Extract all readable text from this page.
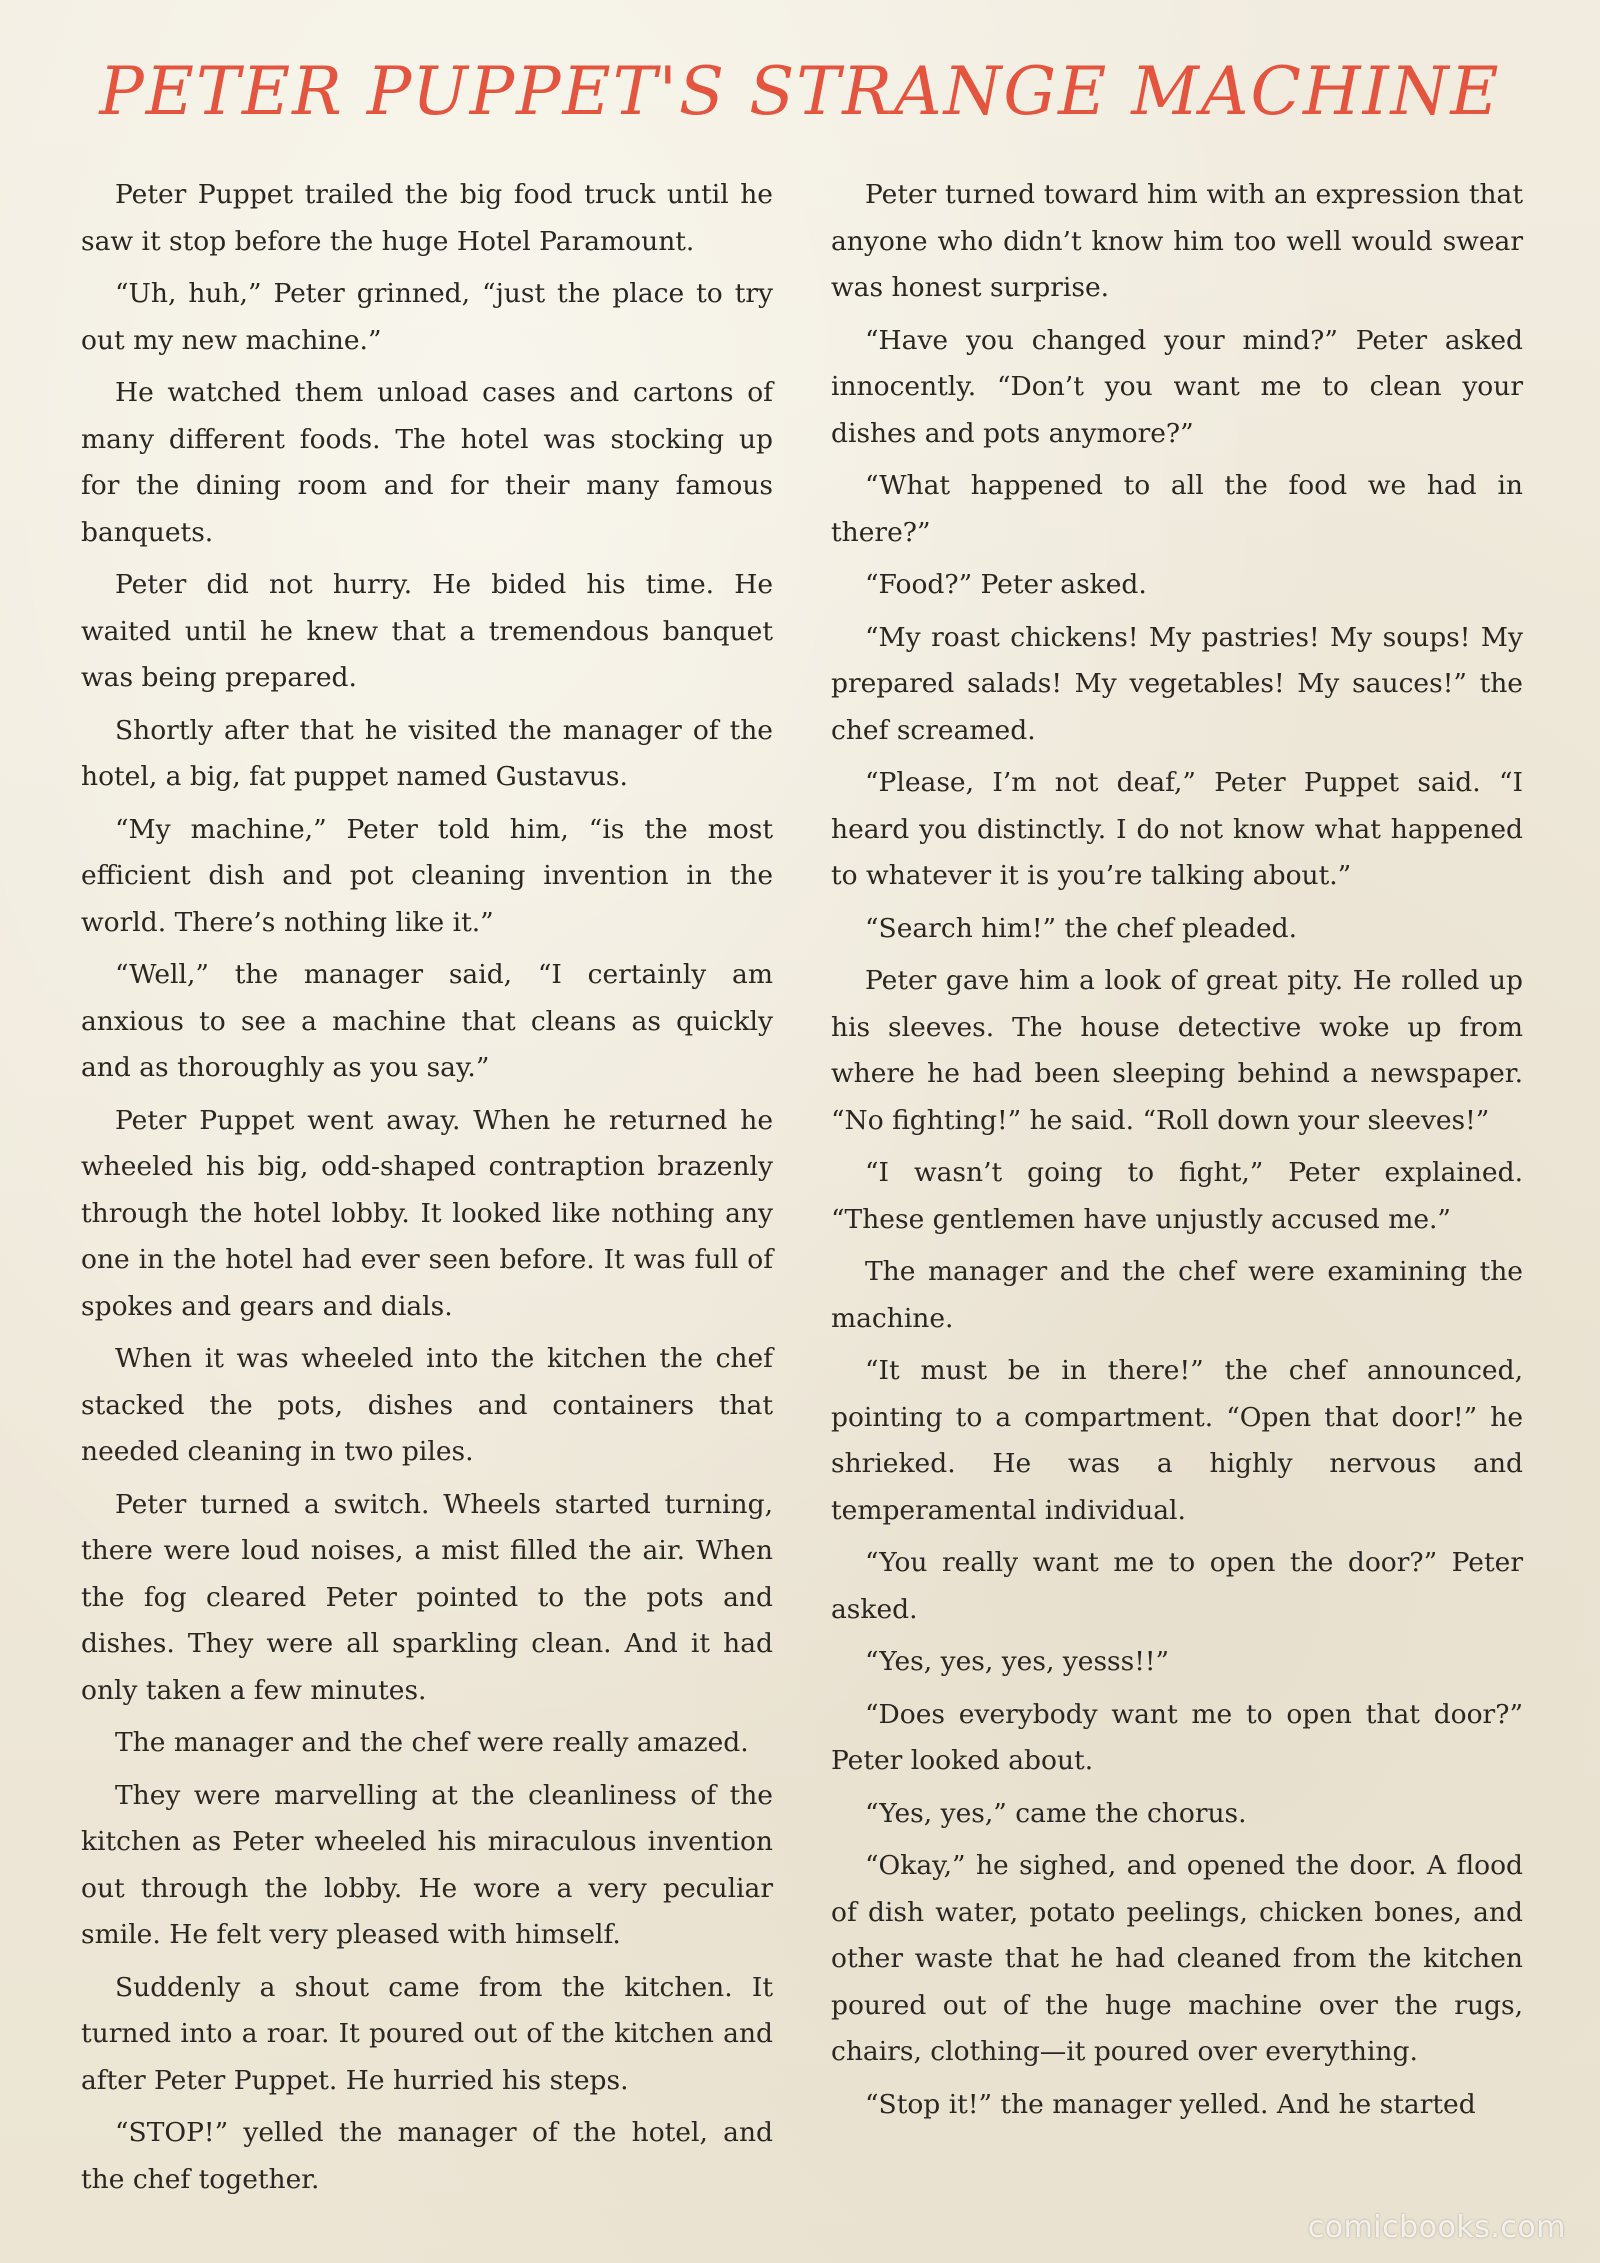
PETER PUPPET'S STRANGE MACHINE

Peter Puppet trailed the big food truck until he saw it stop before the huge Hotel Paramount.

“Uh, huh,” Peter grinned, “just the place to try out my new machine.”

He watched them unload cases and cartons of many different foods. The hotel was stocking up for the dining room and for their many famous banquets.

Peter did not hurry. He bided his time. He waited until he knew that a tremendous banquet was being prepared.

Shortly after that he visited the manager of the hotel, a big, fat puppet named Gustavus.

“My machine,” Peter told him, “is the most efficient dish and pot cleaning invention in the world. There’s nothing like it.”

“Well,” the manager said, “I certainly am anxious to see a machine that cleans as quickly and as thoroughly as you say.”

Peter Puppet went away. When he returned he wheeled his big, odd-shaped contraption brazenly through the hotel lobby. It looked like nothing any one in the hotel had ever seen before. It was full of spokes and gears and dials.

When it was wheeled into the kitchen the chef stacked the pots, dishes and containers that needed cleaning in two piles.

Peter turned a switch. Wheels started turning, there were loud noises, a mist filled the air. When the fog cleared Peter pointed to the pots and dishes. They were all sparkling clean. And it had only taken a few minutes.

The manager and the chef were really amazed.

They were marvelling at the cleanliness of the kitchen as Peter wheeled his miraculous invention out through the lobby. He wore a very peculiar smile. He felt very pleased with himself.

Suddenly a shout came from the kitchen. It turned into a roar. It poured out of the kitchen and after Peter Puppet. He hurried his steps.

“STOP!” yelled the manager of the hotel, and the chef together.

Peter turned toward him with an expression that anyone who didn’t know him too well would swear was honest surprise.

“Have you changed your mind?” Peter asked innocently. “Don’t you want me to clean your dishes and pots anymore?”

“What happened to all the food we had in there?”

“Food?” Peter asked.

“My roast chickens! My pastries! My soups! My prepared salads! My vegetables! My sauces!” the chef screamed.

“Please, I’m not deaf,” Peter Puppet said. “I heard you distinctly. I do not know what happened to whatever it is you’re talking about.”

“Search him!” the chef pleaded.

Peter gave him a look of great pity. He rolled up his sleeves. The house detective woke up from where he had been sleeping behind a newspaper. “No fighting!” he said. “Roll down your sleeves!”

“I wasn’t going to fight,” Peter explained. “These gentlemen have unjustly accused me.”

The manager and the chef were examining the machine.

“It must be in there!” the chef announced, pointing to a compartment. “Open that door!” he shrieked. He was a highly nervous and temperamental individual.

“You really want me to open the door?” Peter asked.

“Yes, yes, yes, yesss!!”

“Does everybody want me to open that door?” Peter looked about.

“Yes, yes,” came the chorus.

“Okay,” he sighed, and opened the door. A flood of dish water, potato peelings, chicken bones, and other waste that he had cleaned from the kitchen poured out of the huge machine over the rugs, chairs, clothing—it poured over everything.

“Stop it!” the manager yelled. And he started

comicbooks.com
